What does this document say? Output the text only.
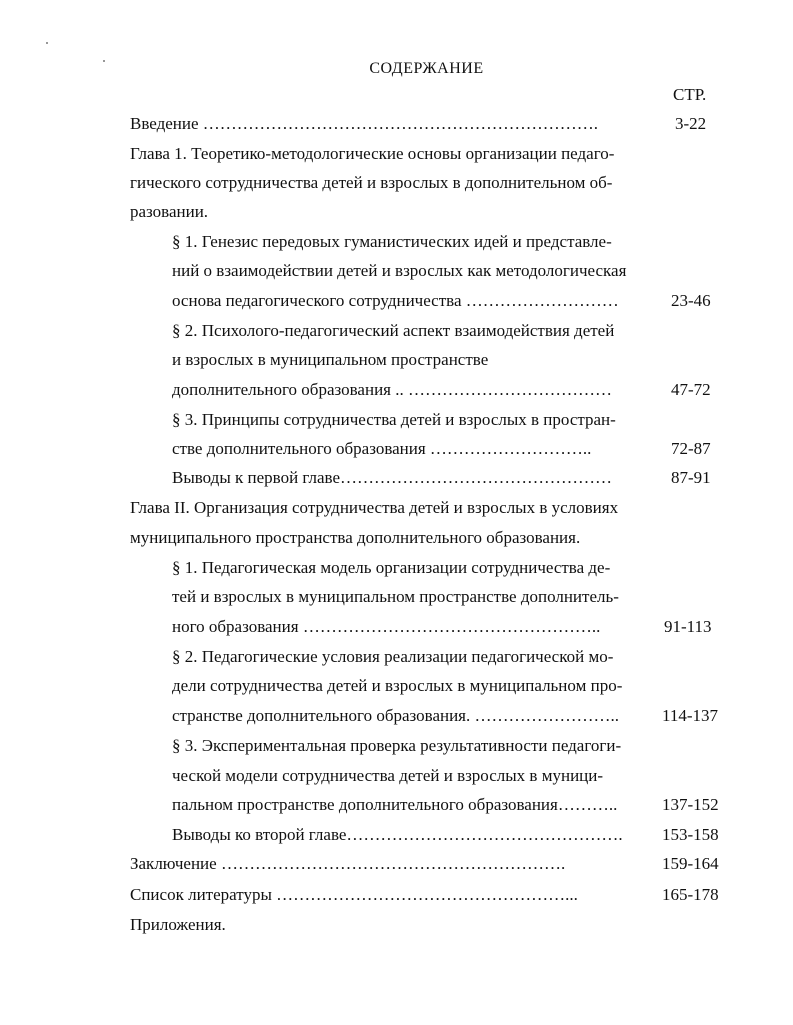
СОДЕРЖАНИЕ
СТР.
Введение …………………………………………………………….	3-22
Глава 1. Теоретико-методологические основы организации педаго-
гического сотрудничества детей и взрослых в дополнительном об-
разовании.
§ 1. Генезис передовых гуманистических идей и представле-
ний о взаимодействии детей и взрослых как методологическая
основа педагогического сотрудничества ………………………	23-46
§ 2. Психолого-педагогический аспект взаимодействия детей
и взрослых в муниципальном пространстве
дополнительного образования .. ………………………………	47-72
§ 3. Принципы сотрудничества детей и взрослых в простран-
стве дополнительного образования ………………………..	72-87
Выводы к первой главе…………………………………………	87-91
Глава II. Организация сотрудничества детей и взрослых в условиях
муниципального пространства дополнительного образования.
§ 1. Педагогическая модель организации сотрудничества де-
тей и взрослых в муниципальном пространстве дополнитель-
ного образования ……………………………………………..	91-113
§ 2. Педагогические условия реализации педагогической мо-
дели сотрудничества детей и взрослых в муниципальном про-
странстве дополнительного образования. ……………………..	114-137
§ 3. Экспериментальная проверка результативности педагоги-
ческой модели сотрудничества детей и взрослых в муници-
пальном пространстве дополнительного образования………..	137-152
Выводы ко второй главе…………………………………………. 153-158
Заключение …………………………………………………….	159-164
Список литературы ……………………………………………...	165-178
Приложения.
